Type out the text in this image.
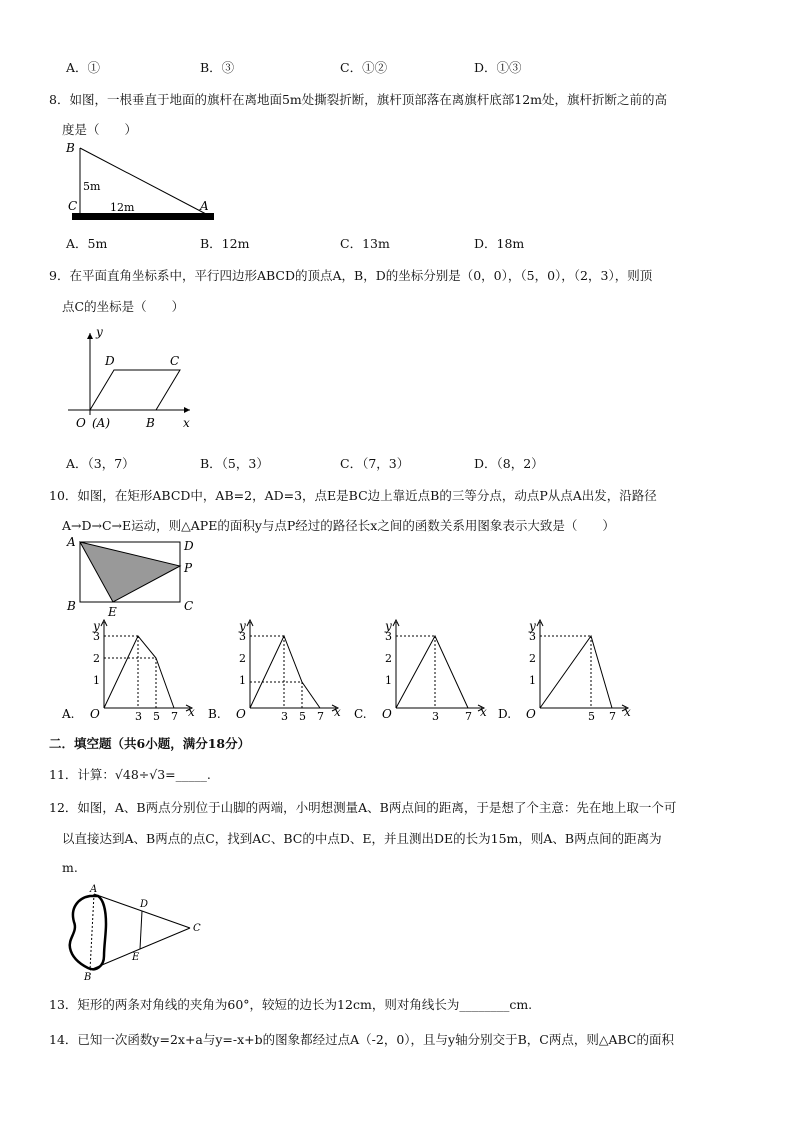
A．①	B．③	C．①②	D．①③
8．如图，一根垂直于地面的旗杆在离地面5m处撕裂折断，旗杆顶部落在离旗杆底部12m处，旗杆折断之前的高
度是（　　）
B
C	A
5m
12m
A．5m	B．12m	C．13m	D．18m
9．在平面直角坐标系中，平行四边形ABCD的顶点A，B，D的坐标分别是（0，0），（5，0），（2，3），则顶
点C的坐标是（　　）
y
x
D	C
O (A)	B
A．（3，7）	B．（5，3）	C．（7，3）	D．（8，2）
10．如图，在矩形ABCD中，AB=2，AD=3，点E是BC边上靠近点B的三等分点，动点P从点A出发，沿路径
A→D→C→E运动，则△APE的面积y与点P经过的路径长x之间的函数关系用图象表示大致是（　　）
A	D
P
B	E	C
A.
y
x
O
3
2
1
3 5 7	B.
y
x
O
3
2
1
3 5 7	C.
y
x
O
3
2
1
3 7 D.
y
x
O
3
2
1
5 7
二．填空题（共6小题，满分18分）
11．计算：√48÷√3=_____.
12．如图，A、B两点分别位于山脚的两端，小明想测量A、B两点间的距离，于是想了个主意：先在地上取一个可
以直接达到A、B两点的点C，找到AC、BC的中点D、E，并且测出DE的长为15m，则A、B两点间的距离为
m.
A
B
C
D
E
13．矩形的两条对角线的夹角为60°，较短的边长为12cm，则对角线长为________cm.
14．已知一次函数y=2x+a与y=-x+b的图象都经过点A（-2，0），且与y轴分别交于B，C两点，则△ABC的面积
